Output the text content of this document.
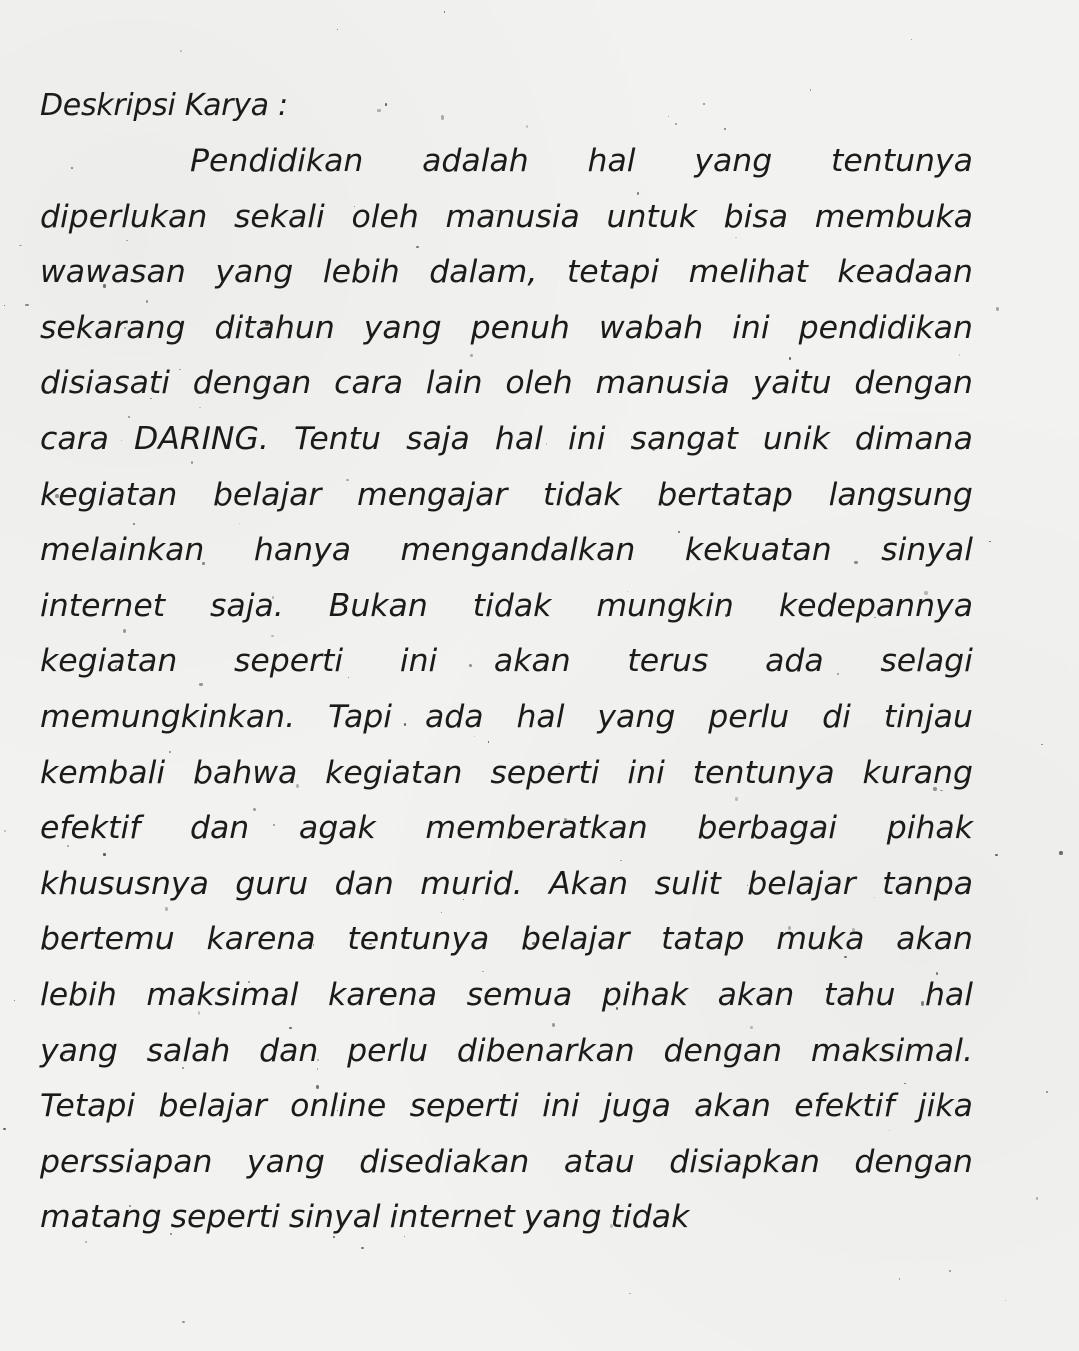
Deskripsi Karya :
Pendidikan adalah hal yang tentunya
diperlukan sekali oleh manusia untuk bisa membuka
wawasan yang lebih dalam, tetapi melihat keadaan
sekarang ditahun yang penuh wabah ini pendidikan
disiasati dengan cara lain oleh manusia yaitu dengan
cara DARING. Tentu saja hal ini sangat unik dimana
kegiatan belajar mengajar tidak bertatap langsung
melainkan hanya mengandalkan kekuatan sinyal
internet saja. Bukan tidak mungkin kedepannya
kegiatan seperti ini akan terus ada selagi
memungkinkan. Tapi ada hal yang perlu di tinjau
kembali bahwa kegiatan seperti ini tentunya kurang
efektif dan agak memberatkan berbagai pihak
khususnya guru dan murid. Akan sulit belajar tanpa
bertemu karena tentunya belajar tatap muka akan
lebih maksimal karena semua pihak akan tahu hal
yang salah dan perlu dibenarkan dengan maksimal.
Tetapi belajar online seperti ini juga akan efektif jika
perssiapan yang disediakan atau disiapkan dengan
matang seperti sinyal internet yang tidak
